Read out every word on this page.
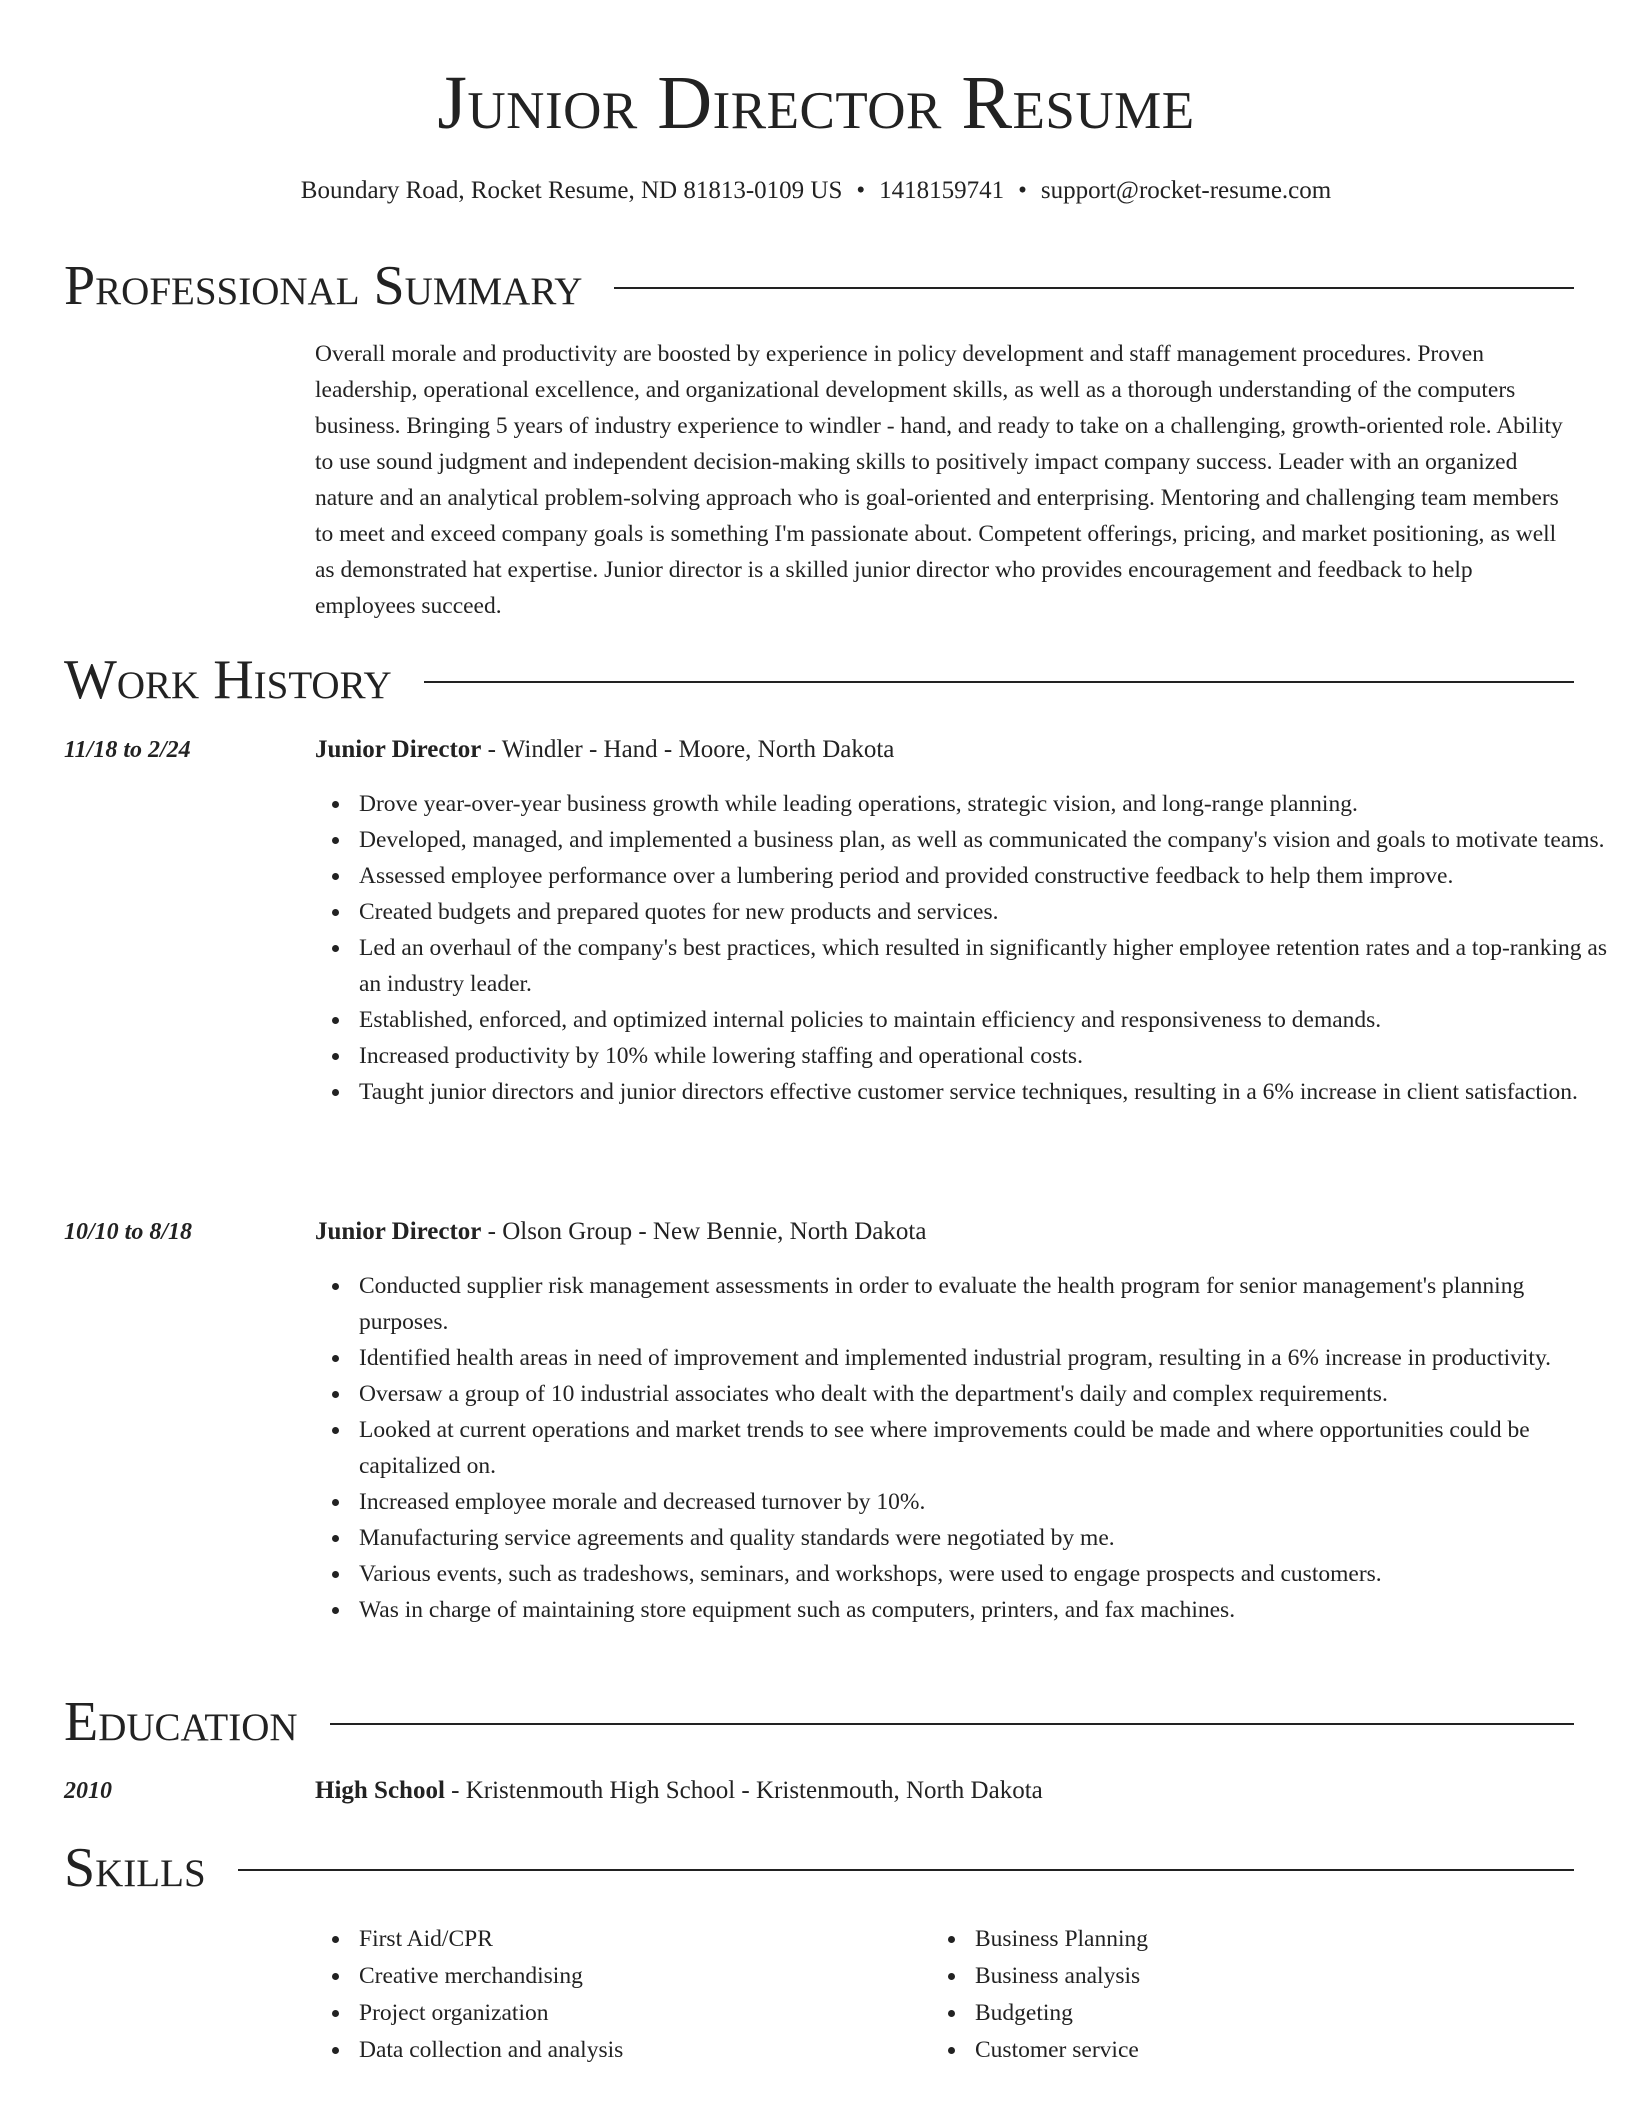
Junior Director Resume
Boundary Road, Rocket Resume, ND 81813-0109 US • 1418159741 • support@rocket-resume.com
Professional Summary
Overall morale and productivity are boosted by experience in policy development and staff management procedures. Proven leadership, operational excellence, and organizational development skills, as well as a thorough understanding of the computers business. Bringing 5 years of industry experience to windler - hand, and ready to take on a challenging, growth-oriented role. Ability to use sound judgment and independent decision-making skills to positively impact company success. Leader with an organized nature and an analytical problem-solving approach who is goal-oriented and enterprising. Mentoring and challenging team members to meet and exceed company goals is something I'm passionate about. Competent offerings, pricing, and market positioning, as well as demonstrated hat expertise. Junior director is a skilled junior director who provides encouragement and feedback to help employees succeed.
Work History
11/18 to 2/24	Junior Director - Windler - Hand - Moore, North Dakota
Drove year-over-year business growth while leading operations, strategic vision, and long-range planning.
Developed, managed, and implemented a business plan, as well as communicated the company's vision and goals to motivate teams.
Assessed employee performance over a lumbering period and provided constructive feedback to help them improve.
Created budgets and prepared quotes for new products and services.
Led an overhaul of the company's best practices, which resulted in significantly higher employee retention rates and a top-ranking as an industry leader.
Established, enforced, and optimized internal policies to maintain efficiency and responsiveness to demands.
Increased productivity by 10% while lowering staffing and operational costs.
Taught junior directors and junior directors effective customer service techniques, resulting in a 6% increase in client satisfaction.
10/10 to 8/18	Junior Director - Olson Group - New Bennie, North Dakota
Conducted supplier risk management assessments in order to evaluate the health program for senior management's planning purposes.
Identified health areas in need of improvement and implemented industrial program, resulting in a 6% increase in productivity.
Oversaw a group of 10 industrial associates who dealt with the department's daily and complex requirements.
Looked at current operations and market trends to see where improvements could be made and where opportunities could be capitalized on.
Increased employee morale and decreased turnover by 10%.
Manufacturing service agreements and quality standards were negotiated by me.
Various events, such as tradeshows, seminars, and workshops, were used to engage prospects and customers.
Was in charge of maintaining store equipment such as computers, printers, and fax machines.
Education
2010	High School - Kristenmouth High School - Kristenmouth, North Dakota
Skills
First Aid/CPR
Creative merchandising
Project organization
Data collection and analysis
Business Planning
Business analysis
Budgeting
Customer service
